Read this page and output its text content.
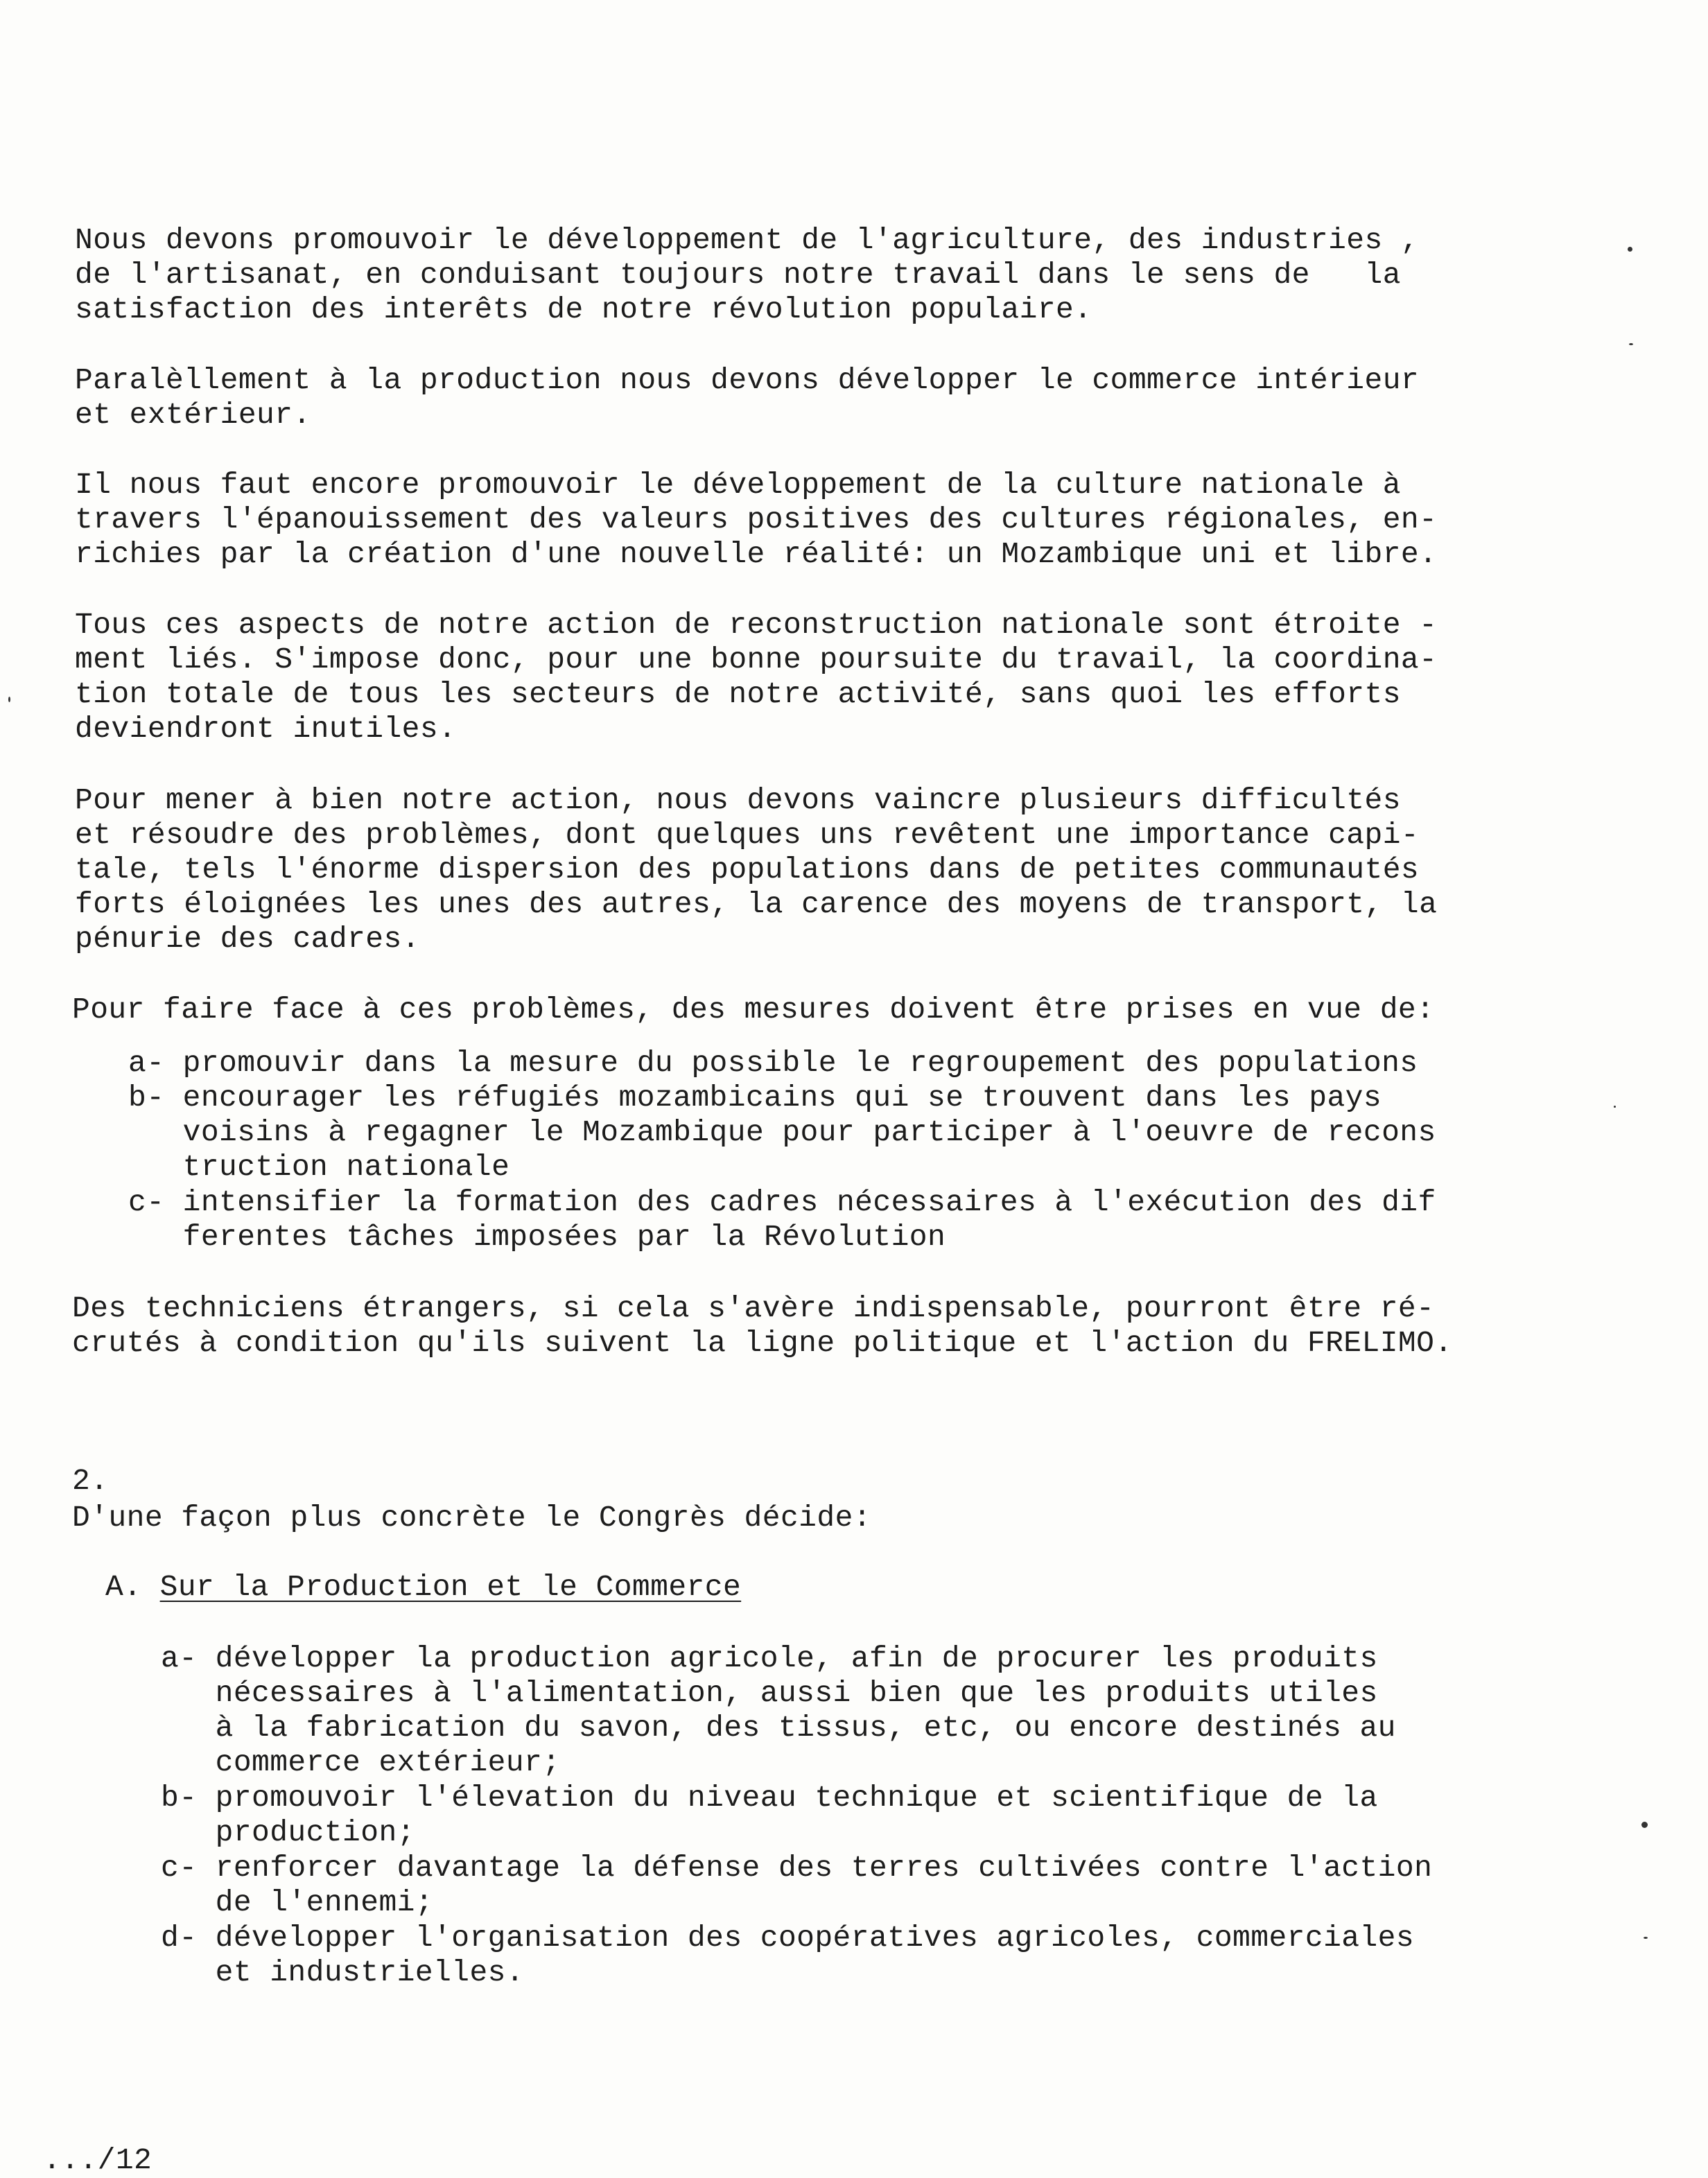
Nous devons promouvoir le développement de l'agriculture, des industries ,
de l'artisanat, en conduisant toujours notre travail dans le sens de   la
satisfaction des interêts de notre révolution populaire.
Paralèllement à la production nous devons développer le commerce intérieur
et extérieur.
Il nous faut encore promouvoir le développement de la culture nationale à
travers l'épanouissement des valeurs positives des cultures régionales, en-
richies par la création d'une nouvelle réalité: un Mozambique uni et libre.
Tous ces aspects de notre action de reconstruction nationale sont étroite -
ment liés. S'impose donc, pour une bonne poursuite du travail, la coordina-
tion totale de tous les secteurs de notre activité, sans quoi les efforts
deviendront inutiles.
Pour mener à bien notre action, nous devons vaincre plusieurs difficultés
et résoudre des problèmes, dont quelques uns revêtent une importance capi-
tale, tels l'énorme dispersion des populations dans de petites communautés
forts éloignées les unes des autres, la carence des moyens de transport, la
pénurie des cadres.
Pour faire face à ces problèmes, des mesures doivent être prises en vue de:
a- promouvir dans la mesure du possible le regroupement des populations
b- encourager les réfugiés mozambicains qui se trouvent dans les pays
voisins à regagner le Mozambique pour participer à l'oeuvre de recons
truction nationale
c- intensifier la formation des cadres nécessaires à l'exécution des dif
ferentes tâches imposées par la Révolution
Des techniciens étrangers, si cela s'avère indispensable, pourront être ré-
crutés à condition qu'ils suivent la ligne politique et l'action du FRELIMO.
2.
D'une façon plus concrète le Congrès décide:
A. Sur la Production et le Commerce
a- développer la production agricole, afin de procurer les produits
nécessaires à l'alimentation, aussi bien que les produits utiles
à la fabrication du savon, des tissus, etc, ou encore destinés au
commerce extérieur;
b- promouvoir l'élevation du niveau technique et scientifique de la
production;
c- renforcer davantage la défense des terres cultivées contre l'action
de l'ennemi;
d- développer l'organisation des coopératives agricoles, commerciales
et industrielles.
.../12
